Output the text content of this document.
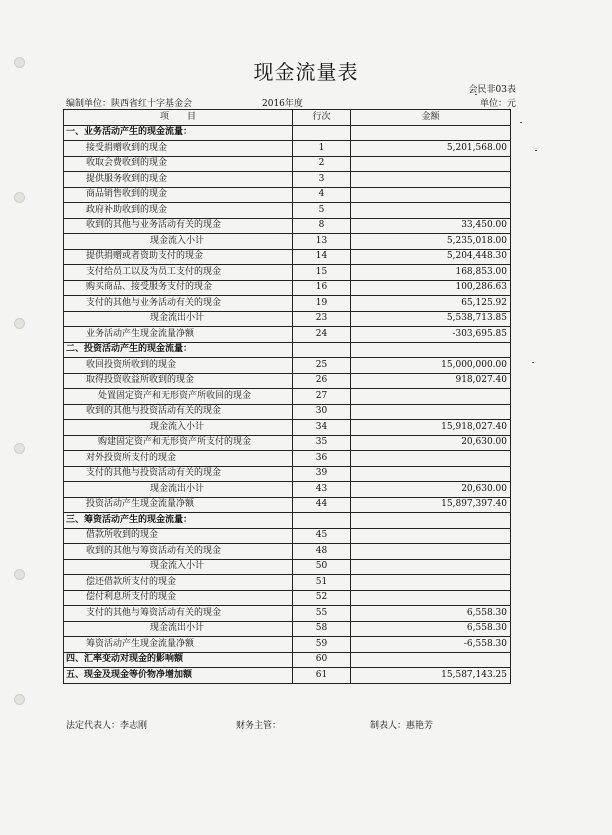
现金流量表
会民非03表
编制单位：陕西省红十字基金会	2016年度	单位：元
项　　目	行次	金额
一、业务活动产生的现金流量：		
接受捐赠收到的现金	1	5,201,568.00
收取会费收到的现金	2	
提供服务收到的现金	3	
商品销售收到的现金	4	
政府补助收到的现金	5	
收到的其他与业务活动有关的现金	8	33,450.00
现金流入小计	13	5,235,018.00
提供捐赠或者资助支付的现金	14	5,204,448.30
支付给员工以及为员工支付的现金	15	168,853.00
购买商品、接受服务支付的现金	16	100,286.63
支付的其他与业务活动有关的现金	19	65,125.92
现金流出小计	23	5,538,713.85
业务活动产生现金流量净额	24	-303,695.85
二、投资活动产生的现金流量：		
收回投资所收到的现金	25	15,000,000.00
取得投资收益所收到的现金	26	918,027.40
处置固定资产和无形资产所收回的现金	27	
收到的其他与投资活动有关的现金	30	
现金流入小计	34	15,918,027.40
购建固定资产和无形资产所支付的现金	35	20,630.00
对外投资所支付的现金	36	
支付的其他与投资活动有关的现金	39	
现金流出小计	43	20,630.00
投资活动产生现金流量净额	44	15,897,397.40
三、筹资活动产生的现金流量：		
借款所收到的现金	45	
收到的其他与筹资活动有关的现金	48	
现金流入小计	50	
偿还借款所支付的现金	51	
偿付利息所支付的现金	52	
支付的其他与筹资活动有关的现金	55	6,558.30
现金流出小计	58	6,558.30
筹资活动产生现金流量净额	59	-6,558.30
四、汇率变动对现金的影响额	60	
五、现金及现金等价物净增加额	61	15,587,143.25
法定代表人：李志刚	财务主管：	制表人：惠艳芳
